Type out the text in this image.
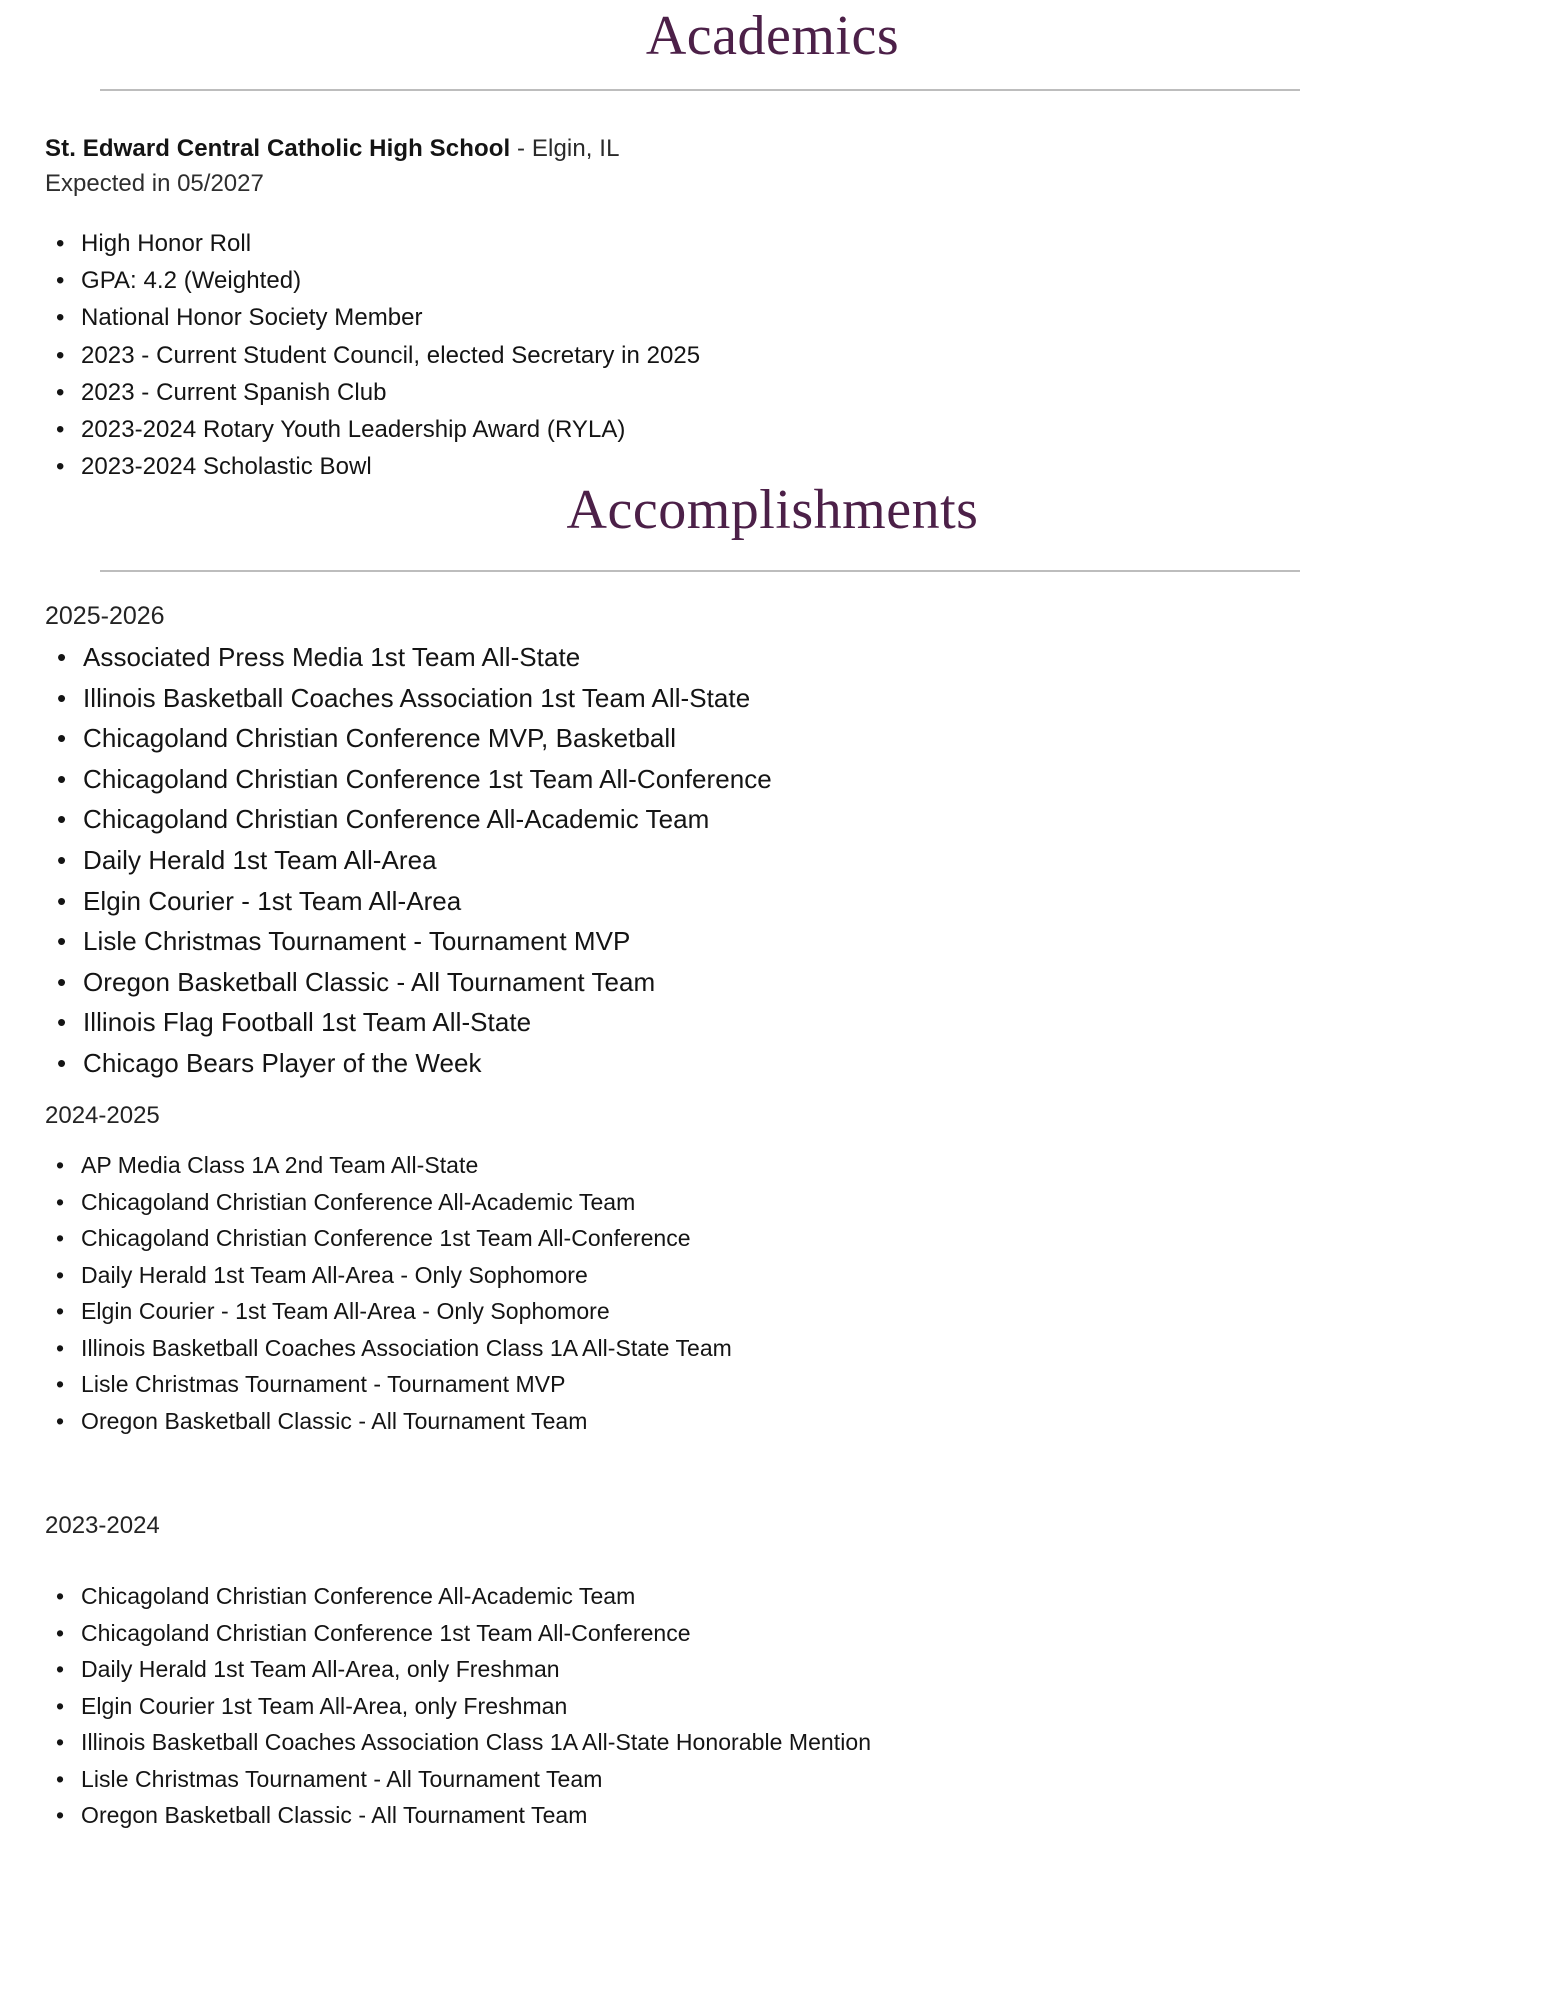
Academics

St. Edward Central Catholic High School - Elgin, IL

Expected in 05/2027

• High Honor Roll
• GPA: 4.2 (Weighted)
• National Honor Society Member
• 2023 - Current Student Council, elected Secretary in 2025
• 2023 - Current Spanish Club
• 2023-2024 Rotary Youth Leadership Award (RYLA)
• 2023-2024 Scholastic Bowl
Accomplishments

2025-2026

• Associated Press Media 1st Team All-State
• Illinois Basketball Coaches Association 1st Team All-State
• Chicagoland Christian Conference MVP, Basketball
• Chicagoland Christian Conference 1st Team All-Conference
• Chicagoland Christian Conference All-Academic Team
• Daily Herald 1st Team All-Area
• Elgin Courier - 1st Team All-Area
• Lisle Christmas Tournament - Tournament MVP
• Oregon Basketball Classic - All Tournament Team
• Illinois Flag Football 1st Team All-State
• Chicago Bears Player of the Week

2024-2025

• AP Media Class 1A 2nd Team All-State
• Chicagoland Christian Conference All-Academic Team
• Chicagoland Christian Conference 1st Team All-Conference
• Daily Herald 1st Team All-Area - Only Sophomore
• Elgin Courier - 1st Team All-Area - Only Sophomore
• Illinois Basketball Coaches Association Class 1A All-State Team
• Lisle Christmas Tournament - Tournament MVP
• Oregon Basketball Classic - All Tournament Team

2023-2024

• Chicagoland Christian Conference All-Academic Team
• Chicagoland Christian Conference 1st Team All-Conference
• Daily Herald 1st Team All-Area, only Freshman
• Elgin Courier 1st Team All-Area, only Freshman
• Illinois Basketball Coaches Association Class 1A All-State Honorable Mention
• Lisle Christmas Tournament - All Tournament Team
• Oregon Basketball Classic - All Tournament Team
